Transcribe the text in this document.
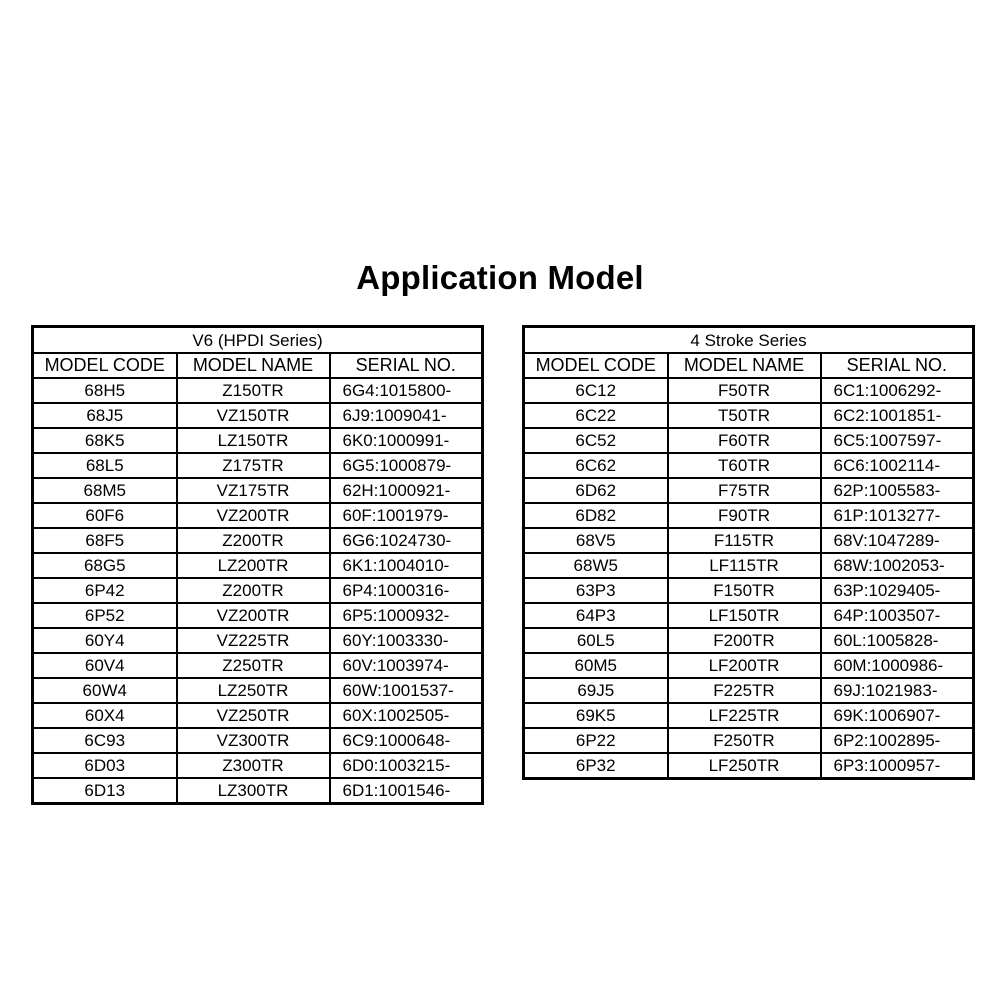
Application Model
V6 (HPDI Series)		
MODEL CODE	MODEL NAME	SERIAL NO.
68H5	Z150TR	6G4:1015800-
68J5	VZ150TR	6J9:1009041-
68K5	LZ150TR	6K0:1000991-
68L5	Z175TR	6G5:1000879-
68M5	VZ175TR	62H:1000921-
60F6	VZ200TR	60F:1001979-
68F5	Z200TR	6G6:1024730-
68G5	LZ200TR	6K1:1004010-
6P42	Z200TR	6P4:1000316-
6P52	VZ200TR	6P5:1000932-
60Y4	VZ225TR	60Y:1003330-
60V4	Z250TR	60V:1003974-
60W4	LZ250TR	60W:1001537-
60X4	VZ250TR	60X:1002505-
6C93	VZ300TR	6C9:1000648-
6D03	Z300TR	6D0:1003215-
6D13	LZ300TR	6D1:1001546-
4 Stroke Series		
MODEL CODE	MODEL NAME	SERIAL NO.
6C12	F50TR	6C1:1006292-
6C22	T50TR	6C2:1001851-
6C52	F60TR	6C5:1007597-
6C62	T60TR	6C6:1002114-
6D62	F75TR	62P:1005583-
6D82	F90TR	61P:1013277-
68V5	F115TR	68V:1047289-
68W5	LF115TR	68W:1002053-
63P3	F150TR	63P:1029405-
64P3	LF150TR	64P:1003507-
60L5	F200TR	60L:1005828-
60M5	LF200TR	60M:1000986-
69J5	F225TR	69J:1021983-
69K5	LF225TR	69K:1006907-
6P22	F250TR	6P2:1002895-
6P32	LF250TR	6P3:1000957-
